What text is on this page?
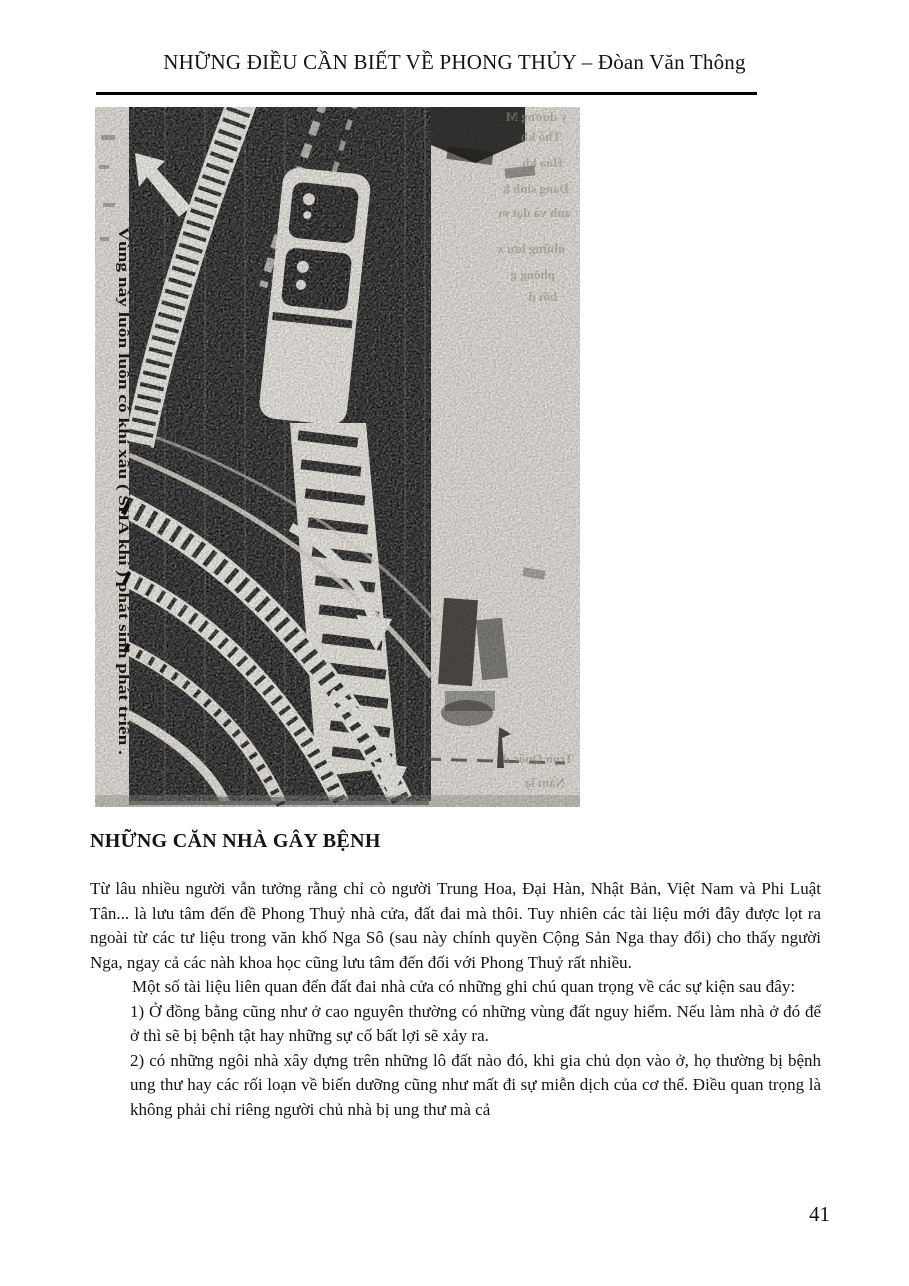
NHỮNG ĐIỀU CẦN BIẾT VỀ PHONG THỦY – Đòan Văn Thông
y dương M
Thổ kh
Hỏa kh
Đang sinh k
anh và đạt m
những lưu x
phòng g
bởi d
Trọn Quốc đ
Năm lạ
Vùng này luôn luôn có khí xấu ( SHA khí ) phát sinh phát triển .
NHỮNG CĂN NHÀ GÂY BỆNH

Từ lâu nhiều người vẫn tưởng rằng chỉ cò người Trung Hoa, Đại Hàn, Nhật Bản, Việt Nam và Phi Luật Tân... là lưu tâm đến đề Phong Thuỷ nhà cửa, đất đai mà thôi. Tuy nhiên các tài liệu mới đây được lọt ra ngoài từ các tư liệu trong văn khố Nga Sô (sau này chính quyền Cộng Sản Nga thay đổi) cho thấy người Nga, ngay cả các nàh khoa học cũng lưu tâm đến đối với Phong Thuỷ rất nhiều.

Một số tài liệu liên quan đến đất đai nhà cửa có những ghi chú quan trọng về các sự kiện sau đây:

1) Ở đồng bằng cũng như ở cao nguyên thường có những vùng đất nguy hiểm. Nếu làm nhà ở đó để ở thì sẽ bị bệnh tật hay những sự cố bất lợi sẽ xảy ra.

2) có những ngôi nhà xây dựng trên những lô đất nào đó, khi gia chủ dọn vào ở, họ thường bị bệnh ung thư hay các rối loạn về biến dưỡng cũng như mất đi sự miễn dịch của cơ thể. Điều quan trọng là không phải chỉ riêng người chủ nhà bị ung thư mà cả

41
